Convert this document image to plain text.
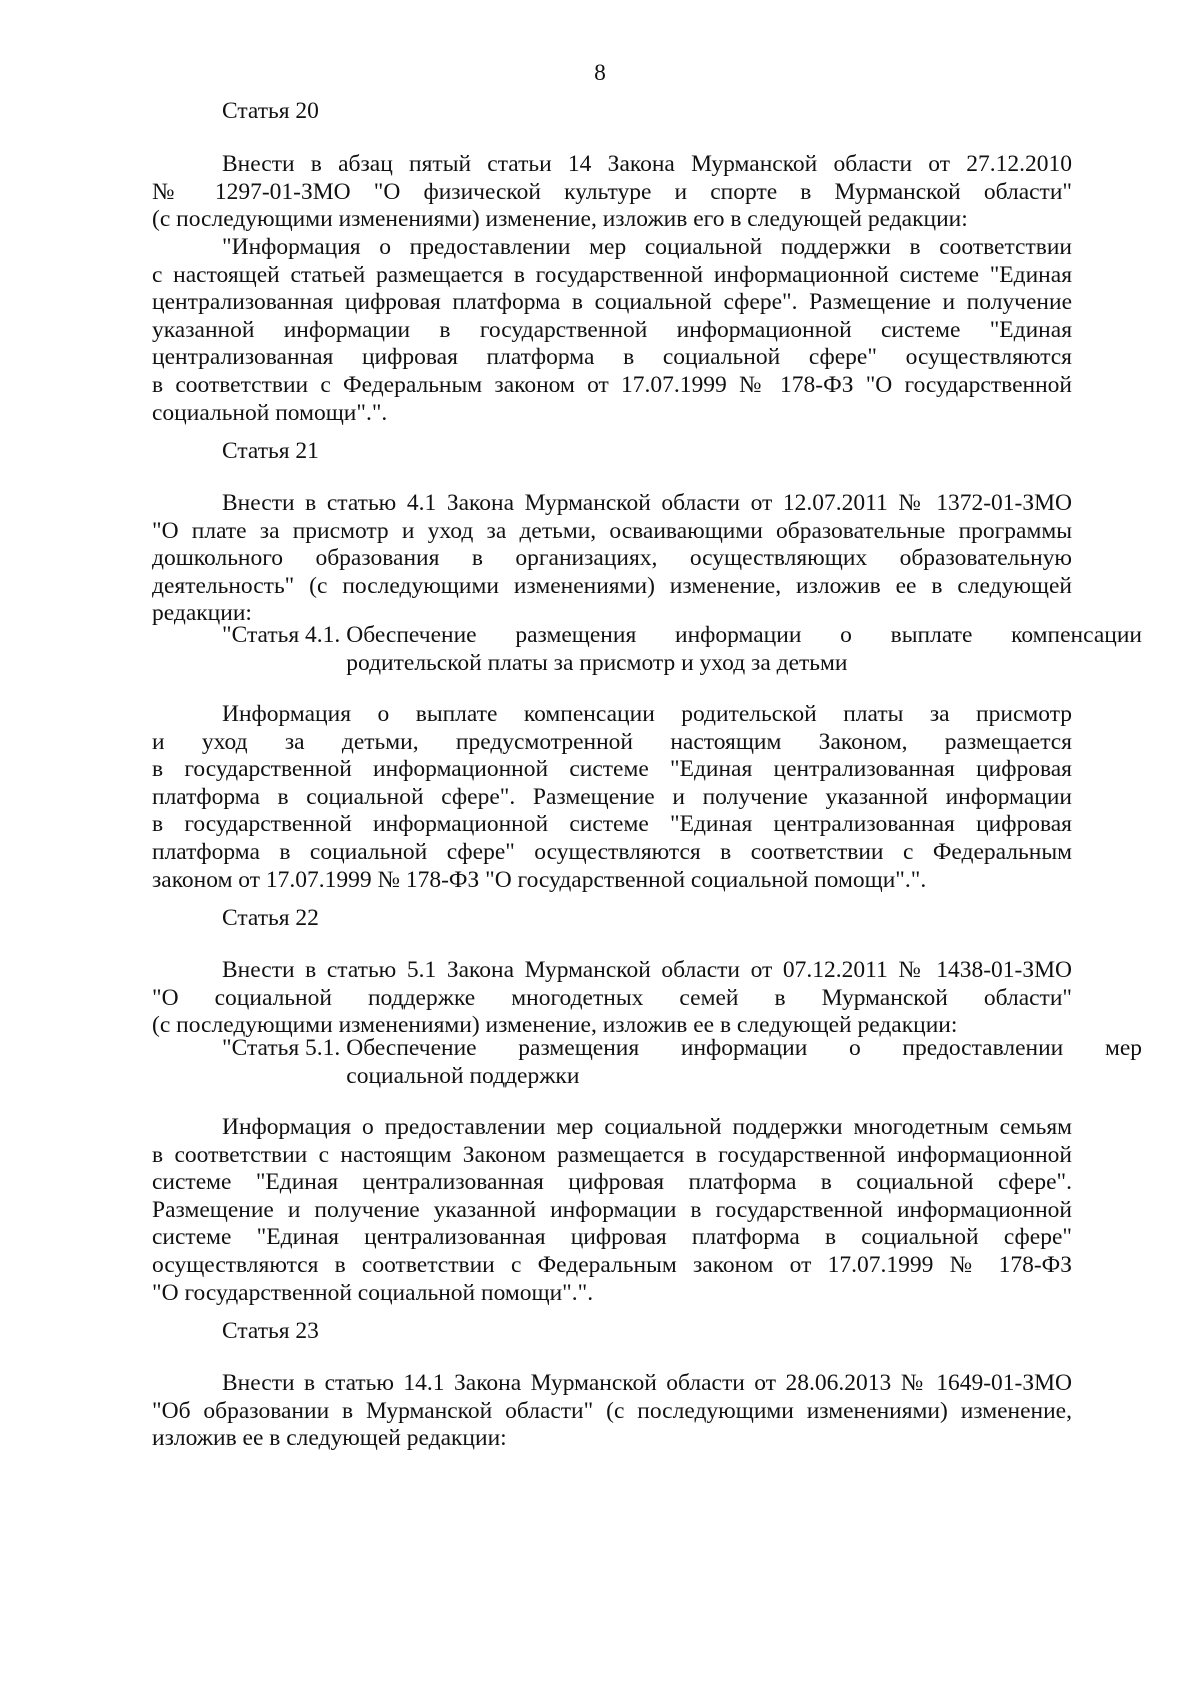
8
Статья 20
Внести в абзац пятый статьи 14 Закона Мурманской области от 27.12.2010
№ 1297-01-ЗМО "О физической культуре и спорте в Мурманской области"
(с последующими изменениями) изменение, изложив его в следующей редакции:
"Информация о предоставлении мер социальной поддержки в соответствии
с настоящей статьей размещается в государственной информационной системе "Единая
централизованная цифровая платформа в социальной сфере". Размещение и получение
указанной информации в государственной информационной системе "Единая
централизованная цифровая платформа в социальной сфере" осуществляются
в соответствии с Федеральным законом от 17.07.1999 № 178-ФЗ "О государственной
социальной помощи".".
Статья 21
Внести в статью 4.1 Закона Мурманской области от 12.07.2011 № 1372-01-ЗМО
"О плате за присмотр и уход за детьми, осваивающими образовательные программы
дошкольного образования в организациях, осуществляющих образовательную
деятельность" (с последующими изменениями) изменение, изложив ее в следующей
редакции:
"Статья 4.1. Обеспечение размещения информации о выплате компенсации
родительской платы за присмотр и уход за детьми
Информация о выплате компенсации родительской платы за присмотр
и уход за детьми, предусмотренной настоящим Законом, размещается
в государственной информационной системе "Единая централизованная цифровая
платформа в социальной сфере". Размещение и получение указанной информации
в государственной информационной системе "Единая централизованная цифровая
платформа в социальной сфере" осуществляются в соответствии с Федеральным
законом от 17.07.1999 № 178-ФЗ "О государственной социальной помощи".".
Статья 22
Внести в статью 5.1 Закона Мурманской области от 07.12.2011 № 1438-01-ЗМО
"О социальной поддержке многодетных семей в Мурманской области"
(с последующими изменениями) изменение, изложив ее в следующей редакции:
"Статья 5.1. Обеспечение размещения информации о предоставлении мер
социальной поддержки
Информация о предоставлении мер социальной поддержки многодетным семьям
в соответствии с настоящим Законом размещается в государственной информационной
системе "Единая централизованная цифровая платформа в социальной сфере".
Размещение и получение указанной информации в государственной информационной
системе "Единая централизованная цифровая платформа в социальной сфере"
осуществляются в соответствии с Федеральным законом от 17.07.1999 № 178-ФЗ
"О государственной социальной помощи".".
Статья 23
Внести в статью 14.1 Закона Мурманской области от 28.06.2013 № 1649-01-ЗМО
"Об образовании в Мурманской области" (с последующими изменениями) изменение,
изложив ее в следующей редакции:
